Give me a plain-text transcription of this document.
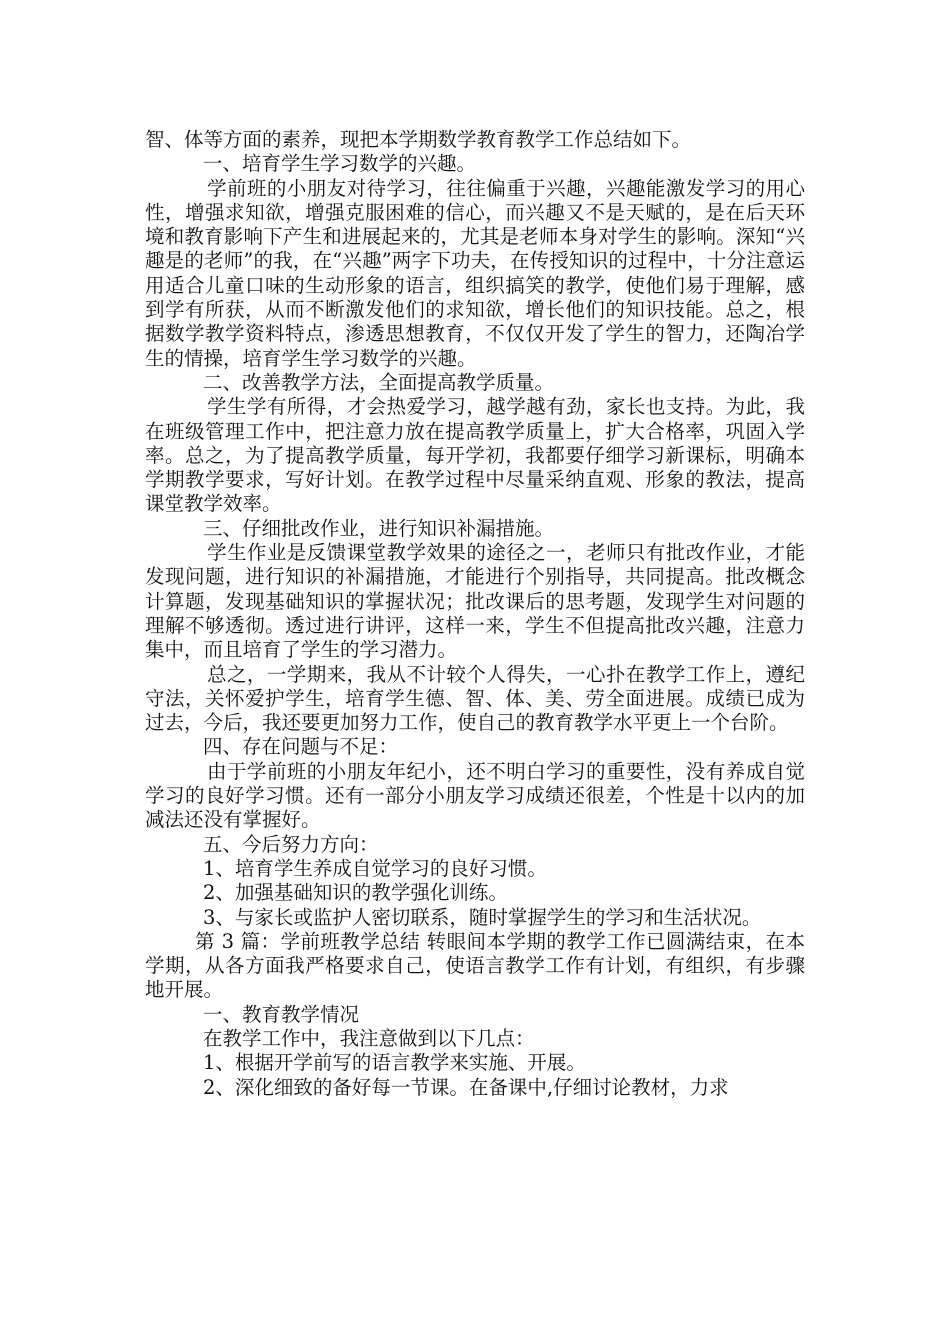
智、体等方面的素养，现把本学期数学教育教学工作总结如下。

一、培育学生学习数学的兴趣。

学前班的小朋友对待学习，往往偏重于兴趣，兴趣能激发学习的用心性，增强求知欲，增强克服困难的信心，而兴趣又不是天赋的，是在后天环境和教育影响下产生和进展起来的，尤其是老师本身对学生的影响。深知“兴趣是的老师”的我，在“兴趣”两字下功夫，在传授知识的过程中，十分注意运用适合儿童口味的生动形象的语言，组织搞笑的教学，使他们易于理解，感到学有所获，从而不断激发他们的求知欲，增长他们的知识技能。总之，根据数学教学资料特点，渗透思想教育，不仅仅开发了学生的智力，还陶冶学生的情操，培育学生学习数学的兴趣。

二、改善教学方法，全面提高教学质量。

学生学有所得，才会热爱学习，越学越有劲，家长也支持。为此，我在班级管理工作中，把注意力放在提高教学质量上，扩大合格率，巩固入学率。总之，为了提高教学质量，每开学初，我都要仔细学习新课标，明确本学期教学要求，写好计划。在教学过程中尽量采纳直观、形象的教法，提高课堂教学效率。

三、仔细批改作业，进行知识补漏措施。

学生作业是反馈课堂教学效果的途径之一，老师只有批改作业，才能发现问题，进行知识的补漏措施，才能进行个别指导，共同提高。批改概念计算题，发现基础知识的掌握状况；批改课后的思考题，发现学生对问题的理解不够透彻。透过进行讲评，这样一来，学生不但提高批改兴趣，注意力集中，而且培育了学生的学习潜力。

总之，一学期来，我从不计较个人得失，一心扑在教学工作上，遵纪守法，关怀爱护学生，培育学生德、智、体、美、劳全面进展。成绩已成为过去，今后，我还要更加努力工作，使自己的教育教学水平更上一个台阶。

四、存在问题与不足：

由于学前班的小朋友年纪小，还不明白学习的重要性，没有养成自觉学习的良好学习惯。还有一部分小朋友学习成绩还很差，个性是十以内的加减法还没有掌握好。

五、今后努力方向：

1、培育学生养成自觉学习的良好习惯。

2、加强基础知识的教学强化训练。

3、与家长或监护人密切联系，随时掌握学生的学习和生活状况。

第 3 篇：学前班教学总结 转眼间本学期的教学工作已圆满结束，在本学期，从各方面我严格要求自己，使语言教学工作有计划，有组织，有步骤地开展。

一、教育教学情况

在教学工作中，我注意做到以下几点：

1、根据开学前写的语言教学来实施、开展。

2、深化细致的备好每一节课。在备课中,仔细讨论教材，力求
